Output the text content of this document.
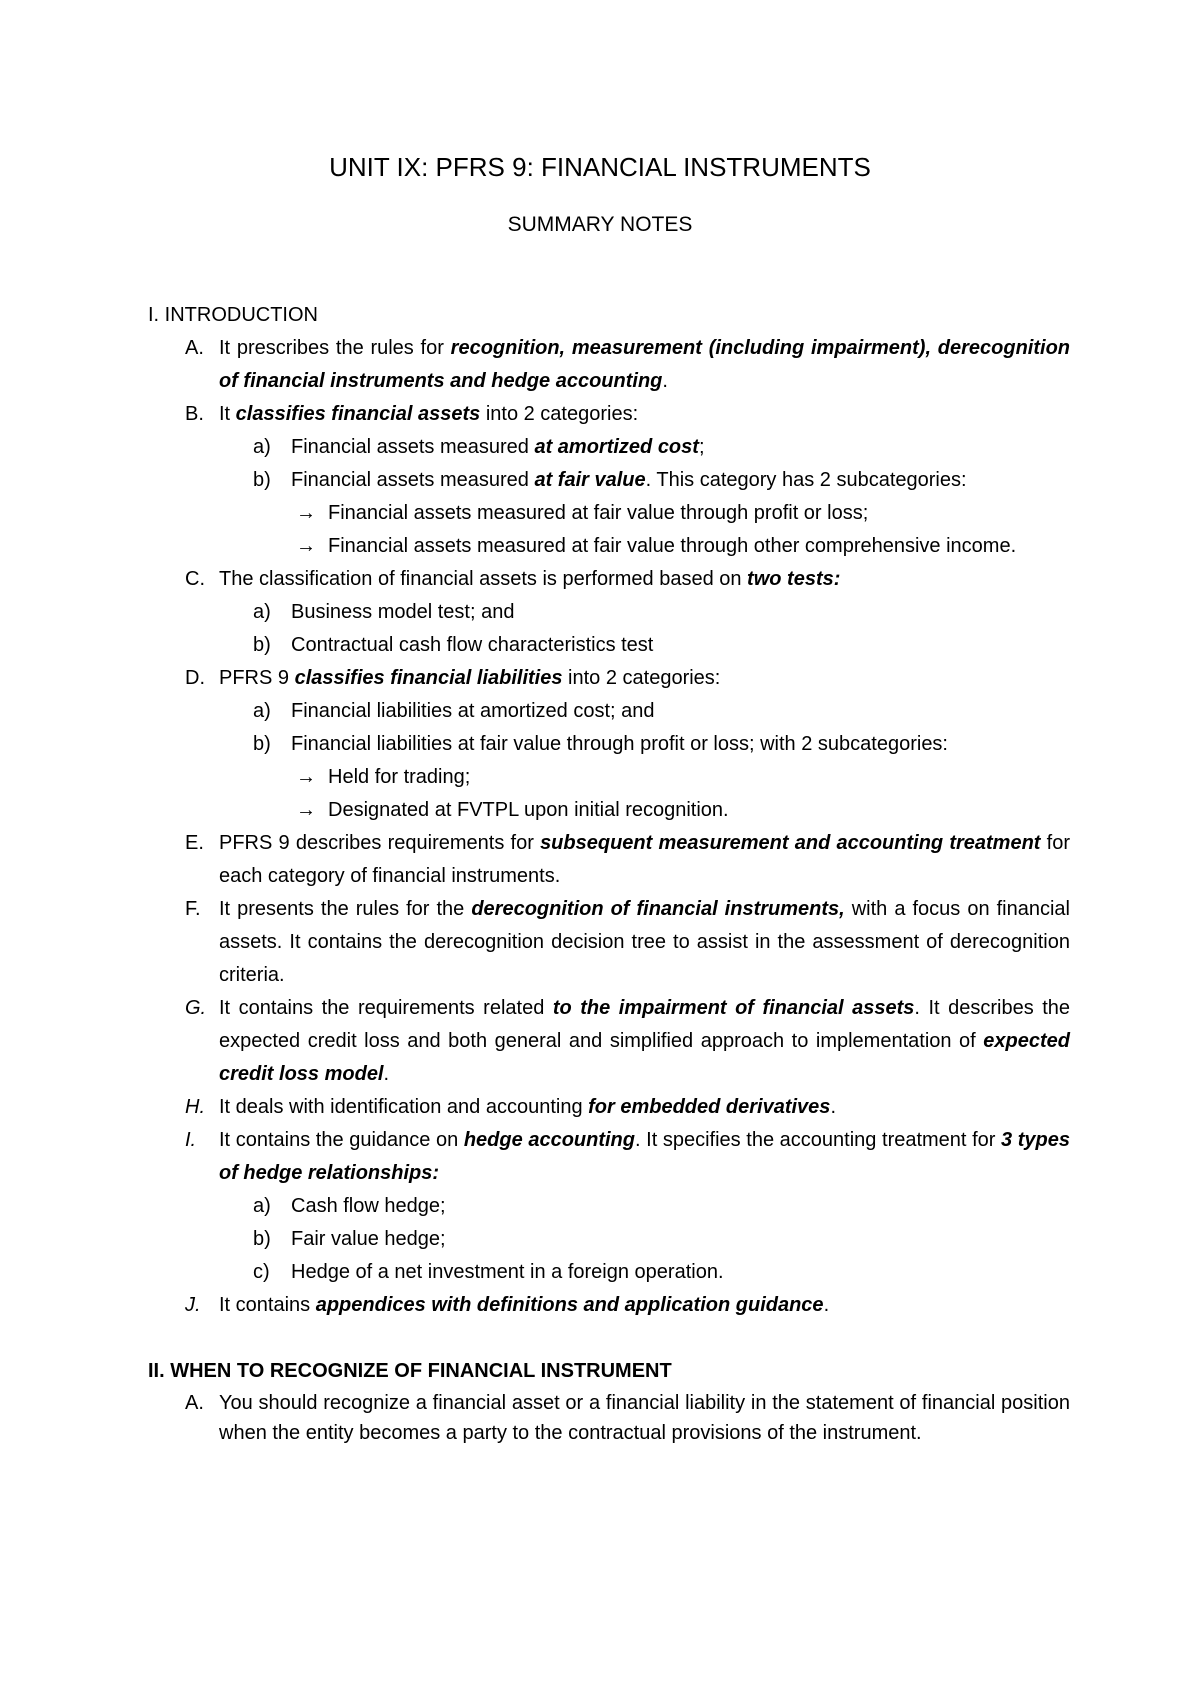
UNIT IX: PFRS 9: FINANCIAL INSTRUMENTS
SUMMARY NOTES
I. INTRODUCTION
A. It prescribes the rules for recognition, measurement (including impairment), derecognition of financial instruments and hedge accounting.
B. It classifies financial assets into 2 categories:
a) Financial assets measured at amortized cost;
b) Financial assets measured at fair value. This category has 2 subcategories:
→ Financial assets measured at fair value through profit or loss;
→ Financial assets measured at fair value through other comprehensive income.
C. The classification of financial assets is performed based on two tests:
a) Business model test; and
b) Contractual cash flow characteristics test
D. PFRS 9 classifies financial liabilities into 2 categories:
a) Financial liabilities at amortized cost; and
b) Financial liabilities at fair value through profit or loss; with 2 subcategories:
→ Held for trading;
→ Designated at FVTPL upon initial recognition.
E. PFRS 9 describes requirements for subsequent measurement and accounting treatment for each category of financial instruments.
F. It presents the rules for the derecognition of financial instruments, with a focus on financial assets. It contains the derecognition decision tree to assist in the assessment of derecognition criteria.
G. It contains the requirements related to the impairment of financial assets. It describes the expected credit loss and both general and simplified approach to implementation of expected credit loss model.
H. It deals with identification and accounting for embedded derivatives.
I. It contains the guidance on hedge accounting. It specifies the accounting treatment for 3 types of hedge relationships:
a) Cash flow hedge;
b) Fair value hedge;
c) Hedge of a net investment in a foreign operation.
J. It contains appendices with definitions and application guidance.
II. WHEN TO RECOGNIZE OF FINANCIAL INSTRUMENT
A. You should recognize a financial asset or a financial liability in the statement of financial position when the entity becomes a party to the contractual provisions of the instrument.
